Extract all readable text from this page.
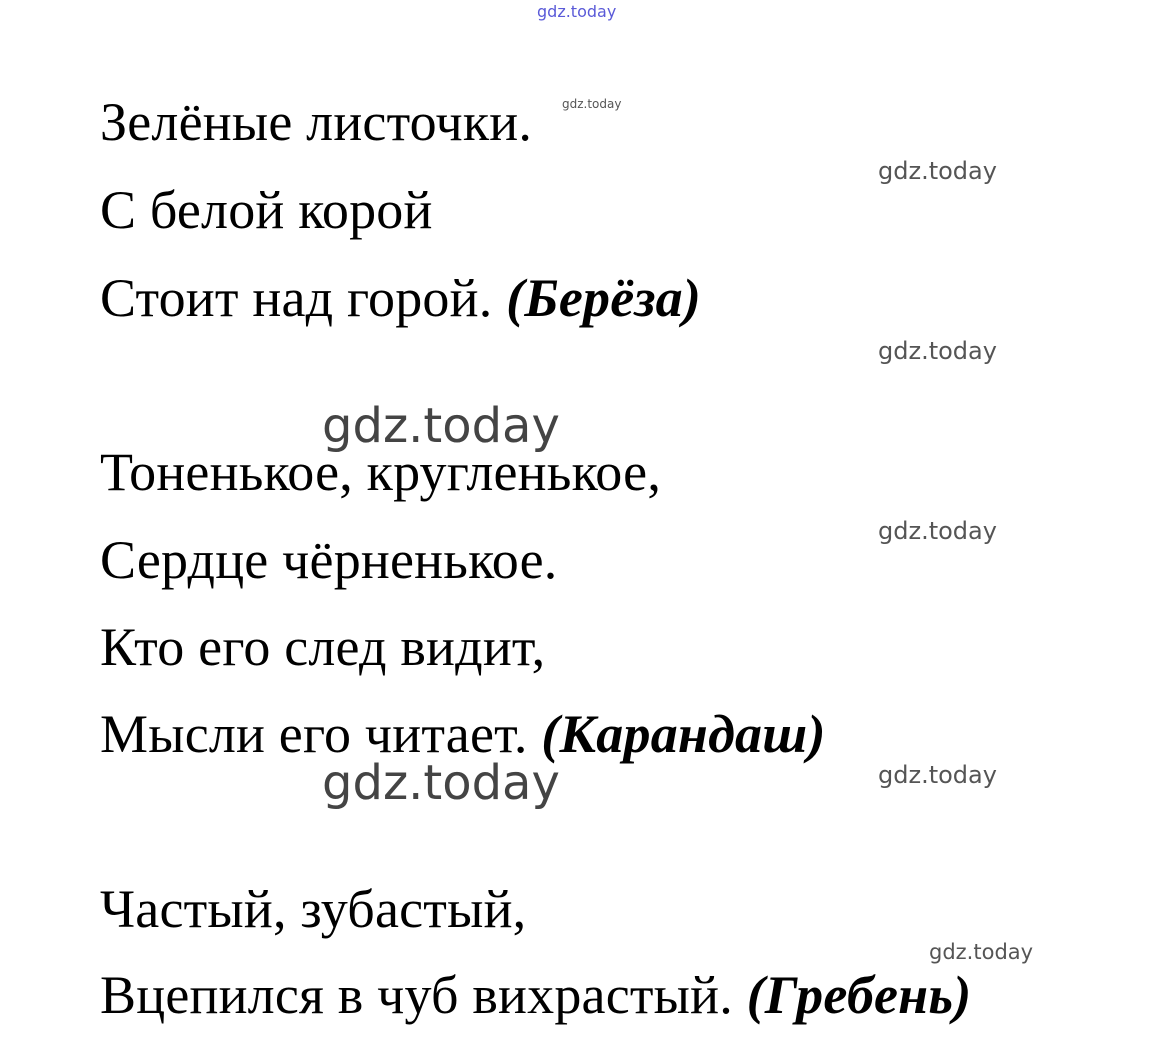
gdz.today
gdz.today
gdz.today
gdz.today
gdz.today
gdz.today
gdz.today	gdz.today
gdz.today
Зелёные листочки.
С белой корой
Стоит над горой. (Берёза)
Тоненькое, кругленькое,
Сердце чёрненькое.
Кто его след видит,
Мысли его читает. (Карандаш)
Частый, зубастый,
Вцепился в чуб вихрастый. (Гребень)
